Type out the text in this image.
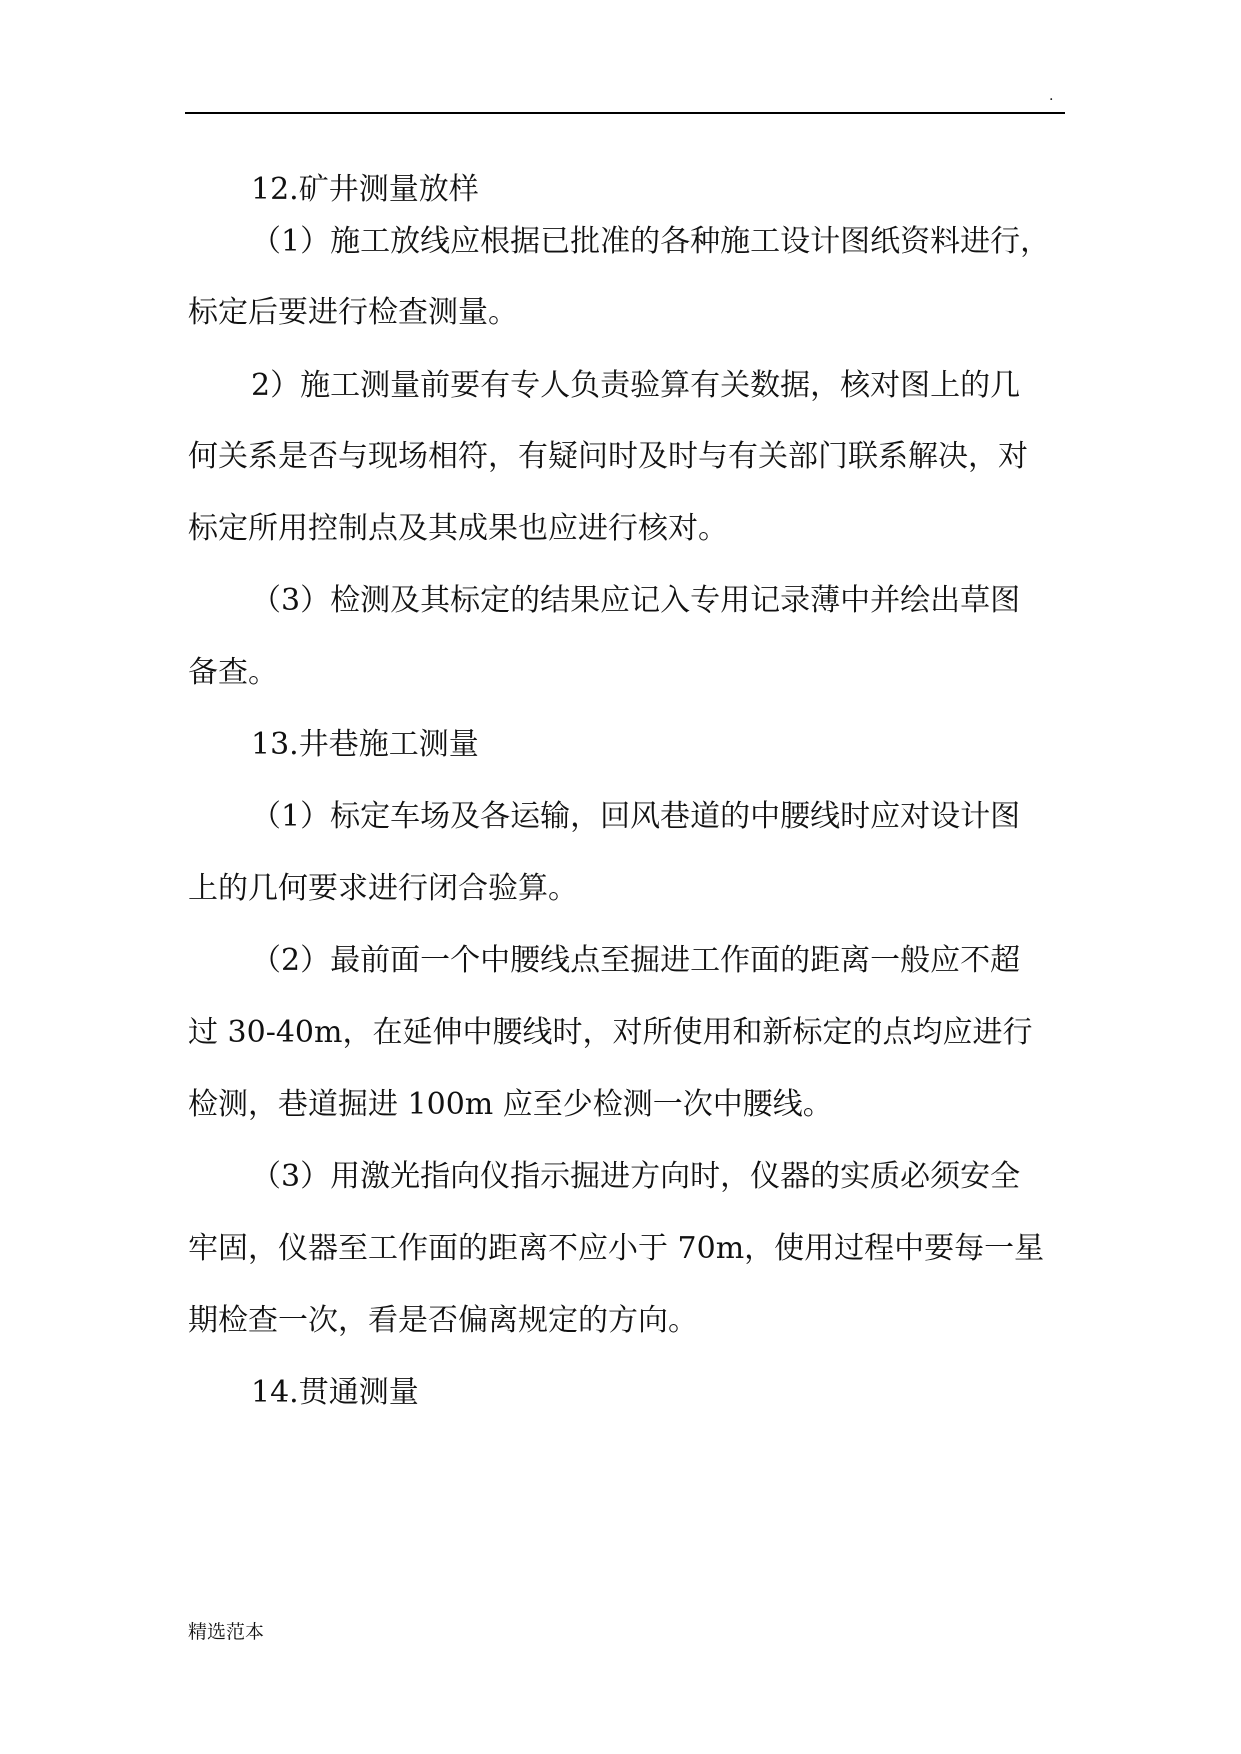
.
12.矿井测量放样
（1）施工放线应根据已批准的各种施工设计图纸资料进行，
标定后要进行检查测量。
2）施工测量前要有专人负责验算有关数据，核对图上的几
何关系是否与现场相符，有疑问时及时与有关部门联系解决，对
标定所用控制点及其成果也应进行核对。
（3）检测及其标定的结果应记入专用记录薄中并绘出草图
备查。
13.井巷施工测量
（1）标定车场及各运输，回风巷道的中腰线时应对设计图
上的几何要求进行闭合验算。
（2）最前面一个中腰线点至掘进工作面的距离一般应不超
过 30-40m，在延伸中腰线时，对所使用和新标定的点均应进行
检测，巷道掘进 100m 应至少检测一次中腰线。
（3）用激光指向仪指示掘进方向时，仪器的实质必须安全
牢固，仪器至工作面的距离不应小于 70m，使用过程中要每一星
期检查一次，看是否偏离规定的方向。
14.贯通测量
精选范本
